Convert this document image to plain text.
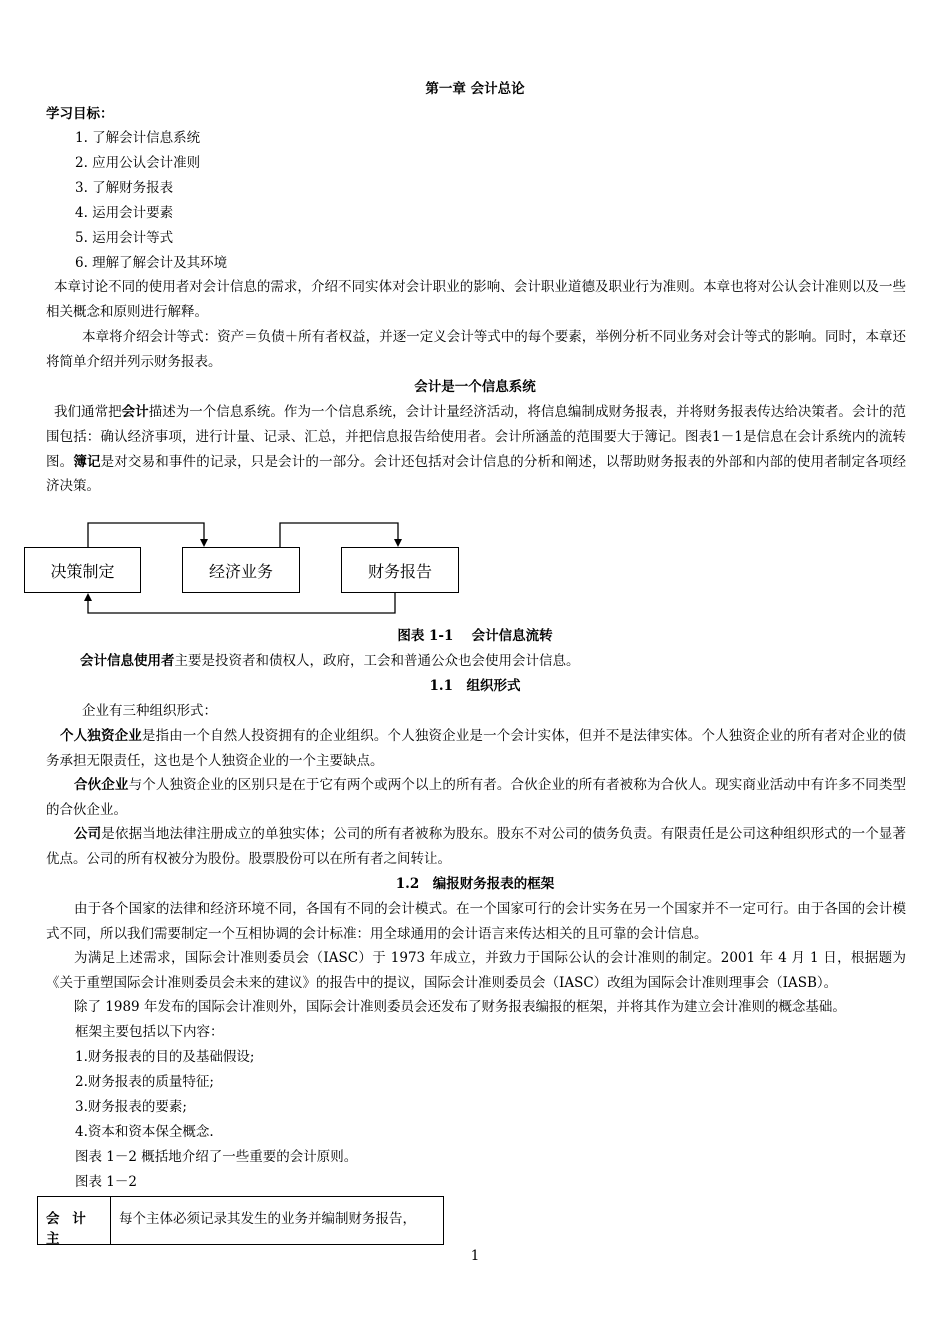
第一章 会计总论
学习目标：
1. 了解会计信息系统
2. 应用公认会计准则
3. 了解财务报表
4. 运用会计要素
5. 运用会计等式
6. 理解了解会计及其环境
本章讨论不同的使用者对会计信息的需求，介绍不同实体对会计职业的影响、会计职业道德及职业行为准则。本章也将对公认会计准则以及一些相关概念和原则进行解释。
本章将介绍会计等式：资产＝负债＋所有者权益，并逐一定义会计等式中的每个要素，举例分析不同业务对会计等式的影响。同时，本章还将简单介绍并列示财务报表。
会计是一个信息系统
我们通常把会计描述为一个信息系统。作为一个信息系统，会计计量经济活动，将信息编制成财务报表，并将财务报表传达给决策者。会计的范围包括：确认经济事项，进行计量、记录、汇总，并把信息报告给使用者。会计所涵盖的范围要大于簿记。图表1－1是信息在会计系统内的流转图。簿记是对交易和事件的记录，只是会计的一部分。会计还包括对会计信息的分析和阐述，以帮助财务报表的外部和内部的使用者制定各项经济决策。
决策制定	经济业务	财务报告
图表 1-1　 会计信息流转
会计信息使用者主要是投资者和债权人，政府，工会和普通公众也会使用会计信息。
1.1　组织形式
企业有三种组织形式：
个人独资企业是指由一个自然人投资拥有的企业组织。个人独资企业是一个会计实体，但并不是法律实体。个人独资企业的所有者对企业的债务承担无限责任，这也是个人独资企业的一个主要缺点。
合伙企业与个人独资企业的区别只是在于它有两个或两个以上的所有者。合伙企业的所有者被称为合伙人。现实商业活动中有许多不同类型的合伙企业。
公司是依据当地法律注册成立的单独实体；公司的所有者被称为股东。股东不对公司的债务负责。有限责任是公司这种组织形式的一个显著优点。公司的所有权被分为股份。股票股份可以在所有者之间转让。
1.2　编报财务报表的框架
由于各个国家的法律和经济环境不同，各国有不同的会计模式。在一个国家可行的会计实务在另一个国家并不一定可行。由于各国的会计模式不同，所以我们需要制定一个互相协调的会计标准：用全球通用的会计语言来传达相关的且可靠的会计信息。
为满足上述需求，国际会计准则委员会（IASC）于 1973 年成立，并致力于国际公认的会计准则的制定。2001 年 4 月 1 日，根据题为《关于重塑国际会计准则委员会未来的建议》的报告中的提议，国际会计准则委员会（IASC）改组为国际会计准则理事会（IASB）。
除了 1989 年发布的国际会计准则外，国际会计准则委员会还发布了财务报表编报的框架，并将其作为建立会计准则的概念基础。
框架主要包括以下内容：
1.财务报表的目的及基础假设;
2.财务报表的质量特征;
3.财务报表的要素;
4.资本和资本保全概念.
图表 1－2 概括地介绍了一些重要的会计原则。
图表 1－2
会 计 主
每个主体必须记录其发生的业务并编制财务报告，
1
